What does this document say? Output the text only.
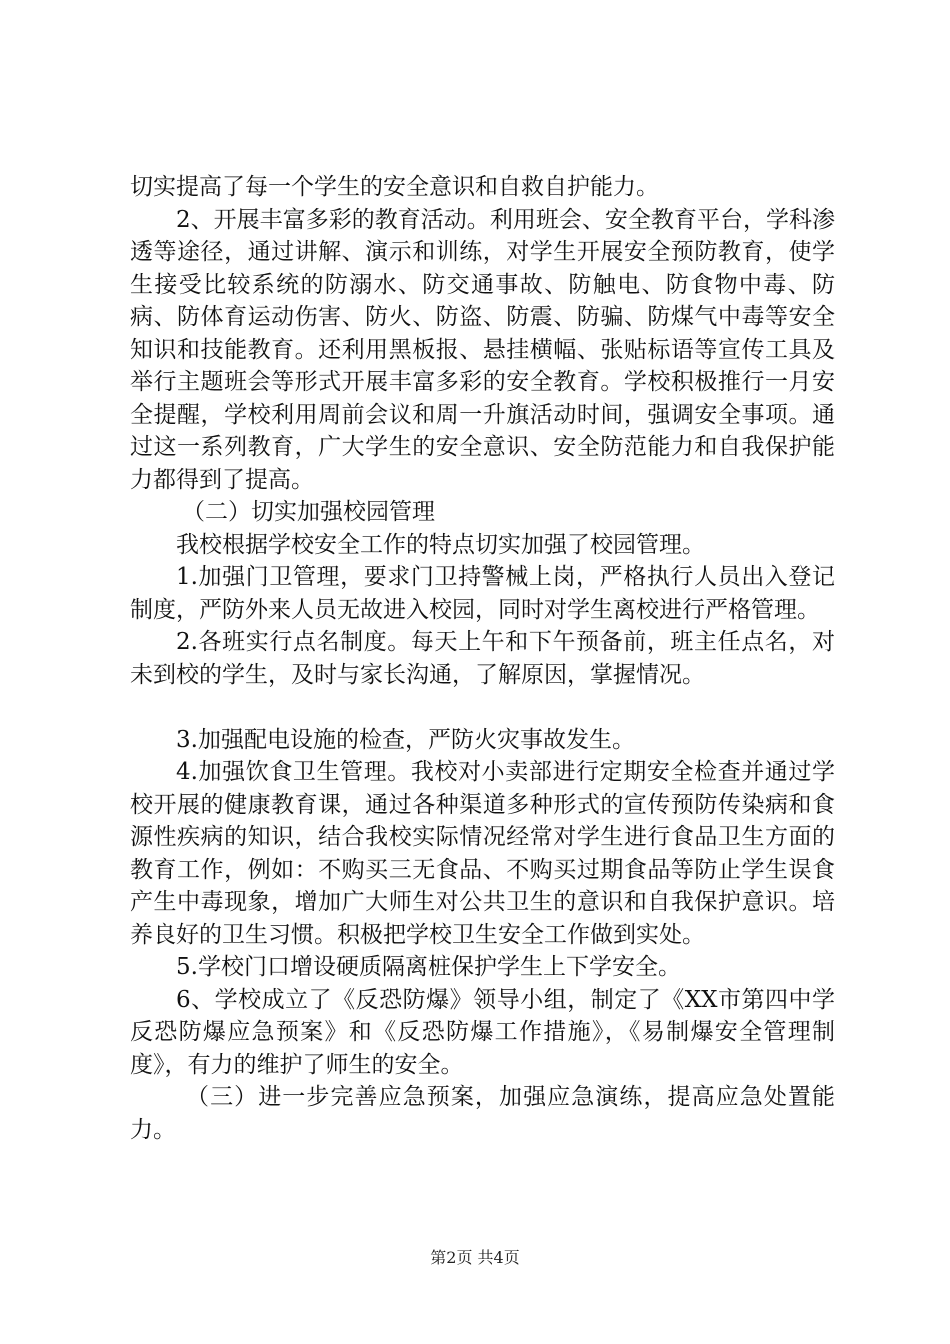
切实提高了每一个学生的安全意识和自救自护能力。

2、开展丰富多彩的教育活动。利用班会、安全教育平台，学科渗透等途径，通过讲解、演示和训练，对学生开展安全预防教育，使学生接受比较系统的防溺水、防交通事故、防触电、防食物中毒、防病、防体育运动伤害、防火、防盗、防震、防骗、防煤气中毒等安全知识和技能教育。还利用黑板报、悬挂横幅、张贴标语等宣传工具及举行主题班会等形式开展丰富多彩的安全教育。学校积极推行一月安全提醒，学校利用周前会议和周一升旗活动时间，强调安全事项。通过这一系列教育，广大学生的安全意识、安全防范能力和自我保护能力都得到了提高。

（二）切实加强校园管理

我校根据学校安全工作的特点切实加强了校园管理。

1.加强门卫管理，要求门卫持警械上岗，严格执行人员出入登记制度，严防外来人员无故进入校园，同时对学生离校进行严格管理。

2.各班实行点名制度。每天上午和下午预备前，班主任点名，对未到校的学生，及时与家长沟通，了解原因，掌握情况。

3.加强配电设施的检查，严防火灾事故发生。

4.加强饮食卫生管理。我校对小卖部进行定期安全检查并通过学校开展的健康教育课，通过各种渠道多种形式的宣传预防传染病和食源性疾病的知识，结合我校实际情况经常对学生进行食品卫生方面的教育工作，例如：不购买三无食品、不购买过期食品等防止学生误食产生中毒现象，增加广大师生对公共卫生的意识和自我保护意识。培养良好的卫生习惯。积极把学校卫生安全工作做到实处。

5.学校门口增设硬质隔离桩保护学生上下学安全。

6、学校成立了《反恐防爆》领导小组，制定了《XX市第四中学反恐防爆应急预案》和《反恐防爆工作措施》，《易制爆安全管理制度》，有力的维护了师生的安全。

（三）进一步完善应急预案，加强应急演练，提高应急处置能力。

第2页 共4页
